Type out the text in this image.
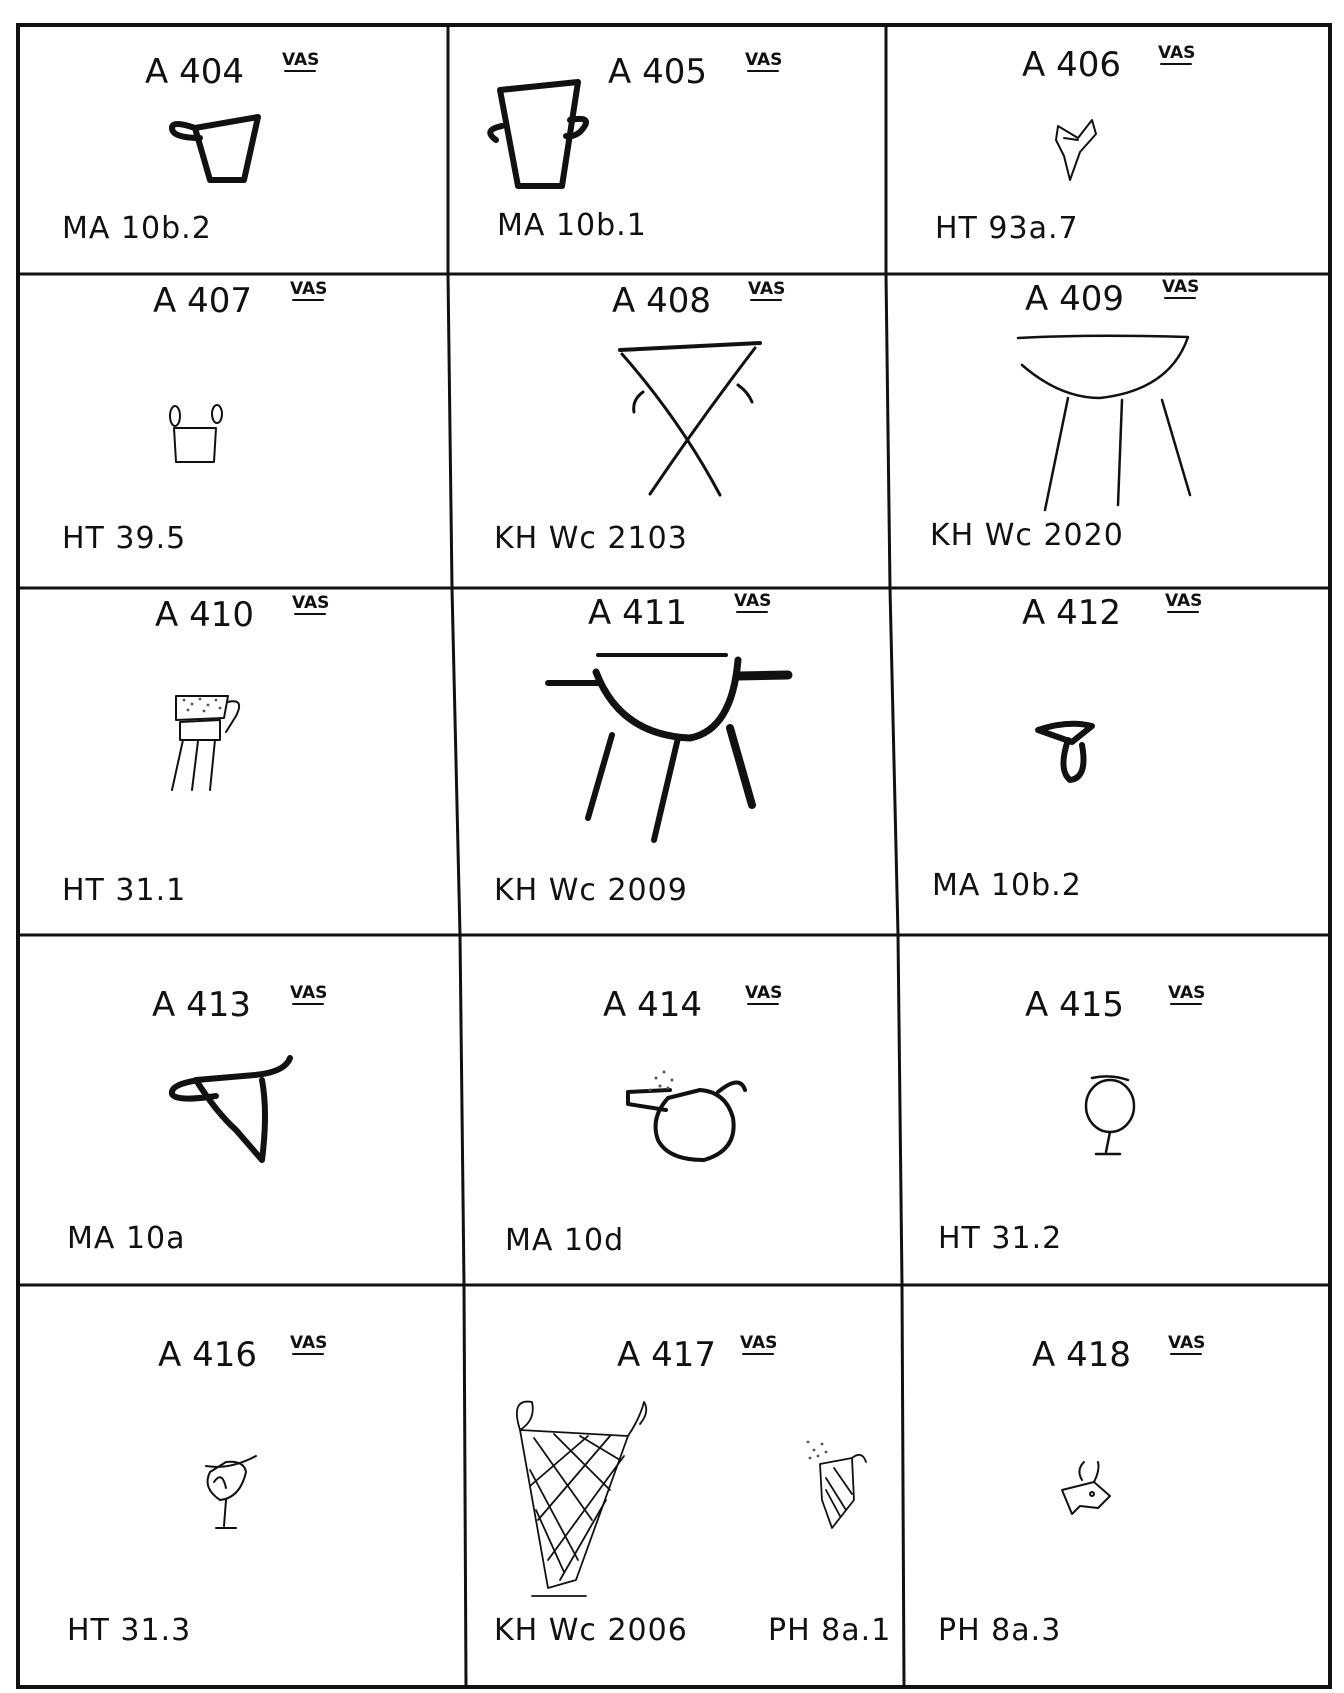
A 404 VAS
MA 10b.2
A 405 VAS
MA 10b.1
A 406 VAS
HT 93a.7
A 407 VAS
HT 39.5
A 408 VAS
KH Wc 2103
A 409 VAS
KH Wc 2020
A 410 VAS
HT 31.1
A 411	VAS
KH Wc 2009
A 412	VAS
MA 10b.2
A 413 VAS
MA 10a
A 414	VAS
MA 10d
A 415	VAS
HT 31.2
A 416 VAS
HT 31.3
A 417 VAS
KH Wc 2006	PH 8a.1
A 418 VAS
PH 8a.3
